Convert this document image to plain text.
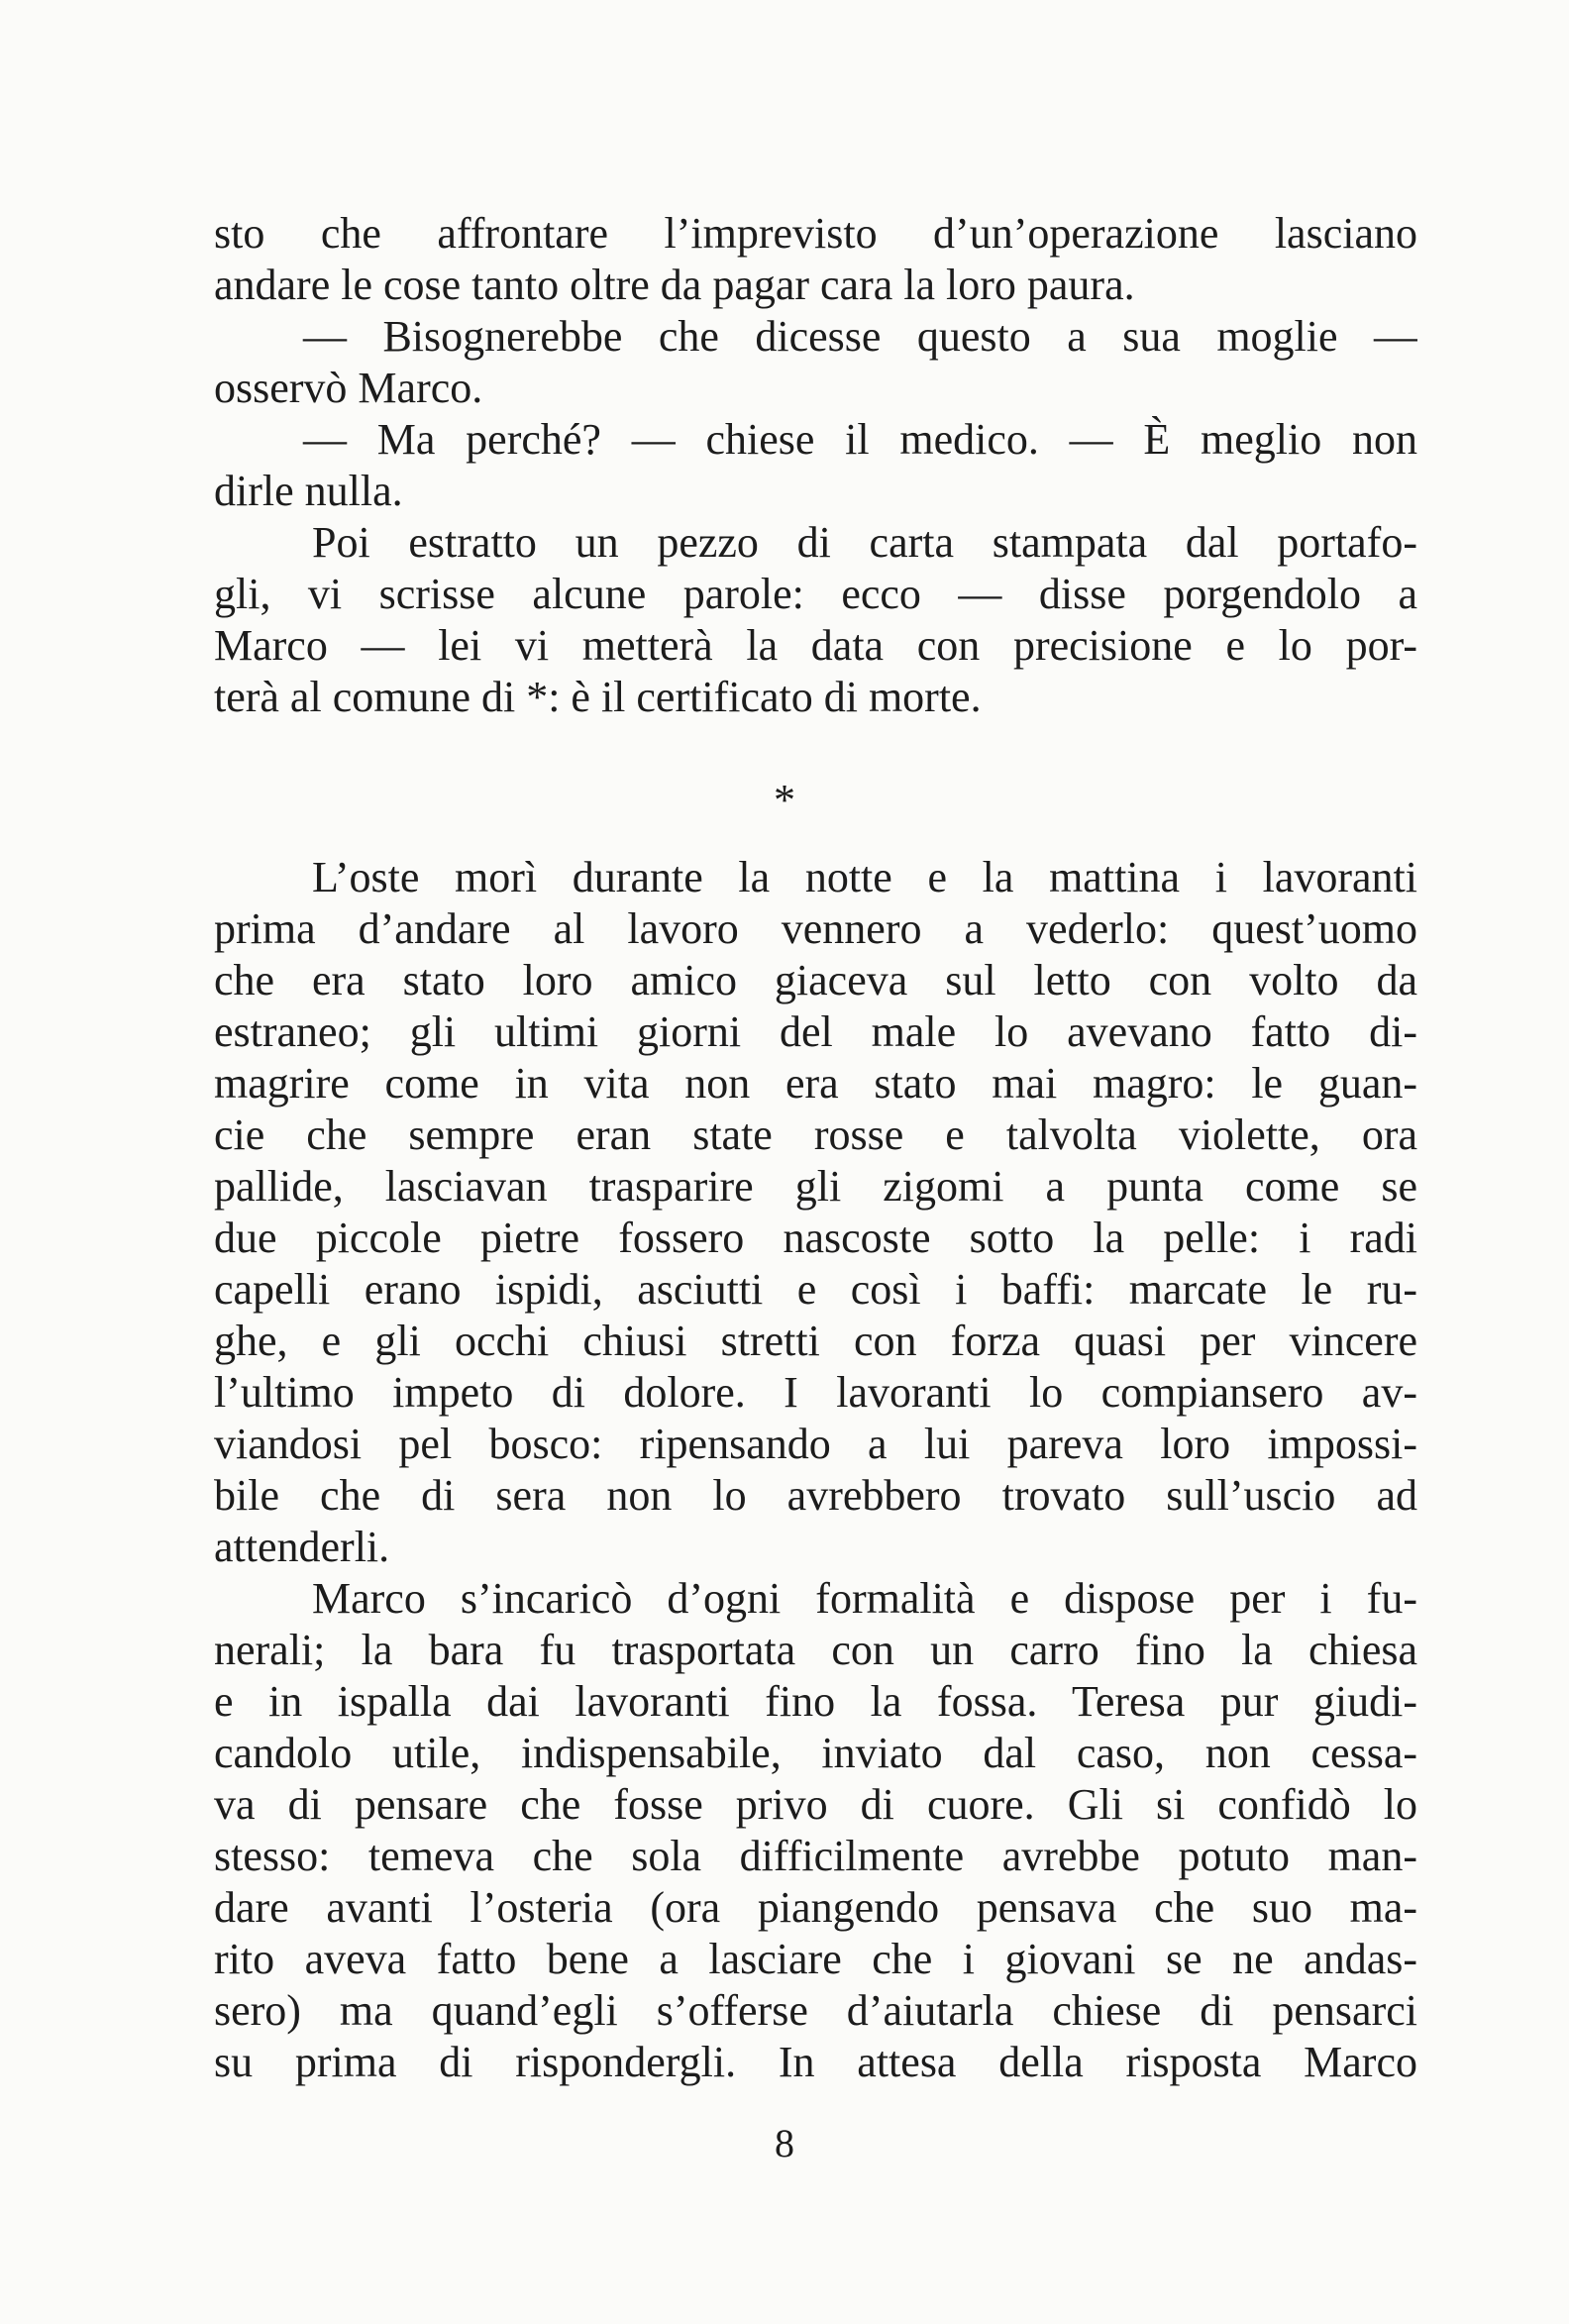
sto che affrontare l’imprevisto d’un’operazione lasciano
andare le cose tanto oltre da pagar cara la loro paura.
— Bisognerebbe che dicesse questo a sua moglie —
osservò Marco.
— Ma perché? — chiese il medico. — È meglio non
dirle nulla.
Poi estratto un pezzo di carta stampata dal portafo-
gli, vi scrisse alcune parole: ecco — disse porgendolo a
Marco — lei vi metterà la data con precisione e lo por-
terà al comune di *: è il certificato di morte.
*
L’oste morì durante la notte e la mattina i lavoranti
prima d’andare al lavoro vennero a vederlo: quest’uomo
che era stato loro amico giaceva sul letto con volto da
estraneo; gli ultimi giorni del male lo avevano fatto di-
magrire come in vita non era stato mai magro: le guan-
cie che sempre eran state rosse e talvolta violette, ora
pallide, lasciavan trasparire gli zigomi a punta come se
due piccole pietre fossero nascoste sotto la pelle: i radi
capelli erano ispidi, asciutti e così i baffi: marcate le ru-
ghe, e gli occhi chiusi stretti con forza quasi per vincere
l’ultimo impeto di dolore. I lavoranti lo compiansero av-
viandosi pel bosco: ripensando a lui pareva loro impossi-
bile che di sera non lo avrebbero trovato sull’uscio ad
attenderli.
Marco s’incaricò d’ogni formalità e dispose per i fu-
nerali; la bara fu trasportata con un carro fino la chiesa
e in ispalla dai lavoranti fino la fossa. Teresa pur giudi-
candolo utile, indispensabile, inviato dal caso, non cessa-
va di pensare che fosse privo di cuore. Gli si confidò lo
stesso: temeva che sola difficilmente avrebbe potuto man-
dare avanti l’osteria (ora piangendo pensava che suo ma-
rito aveva fatto bene a lasciare che i giovani se ne andas-
sero) ma quand’egli s’offerse d’aiutarla chiese di pensarci
su prima di rispondergli. In attesa della risposta Marco
8
